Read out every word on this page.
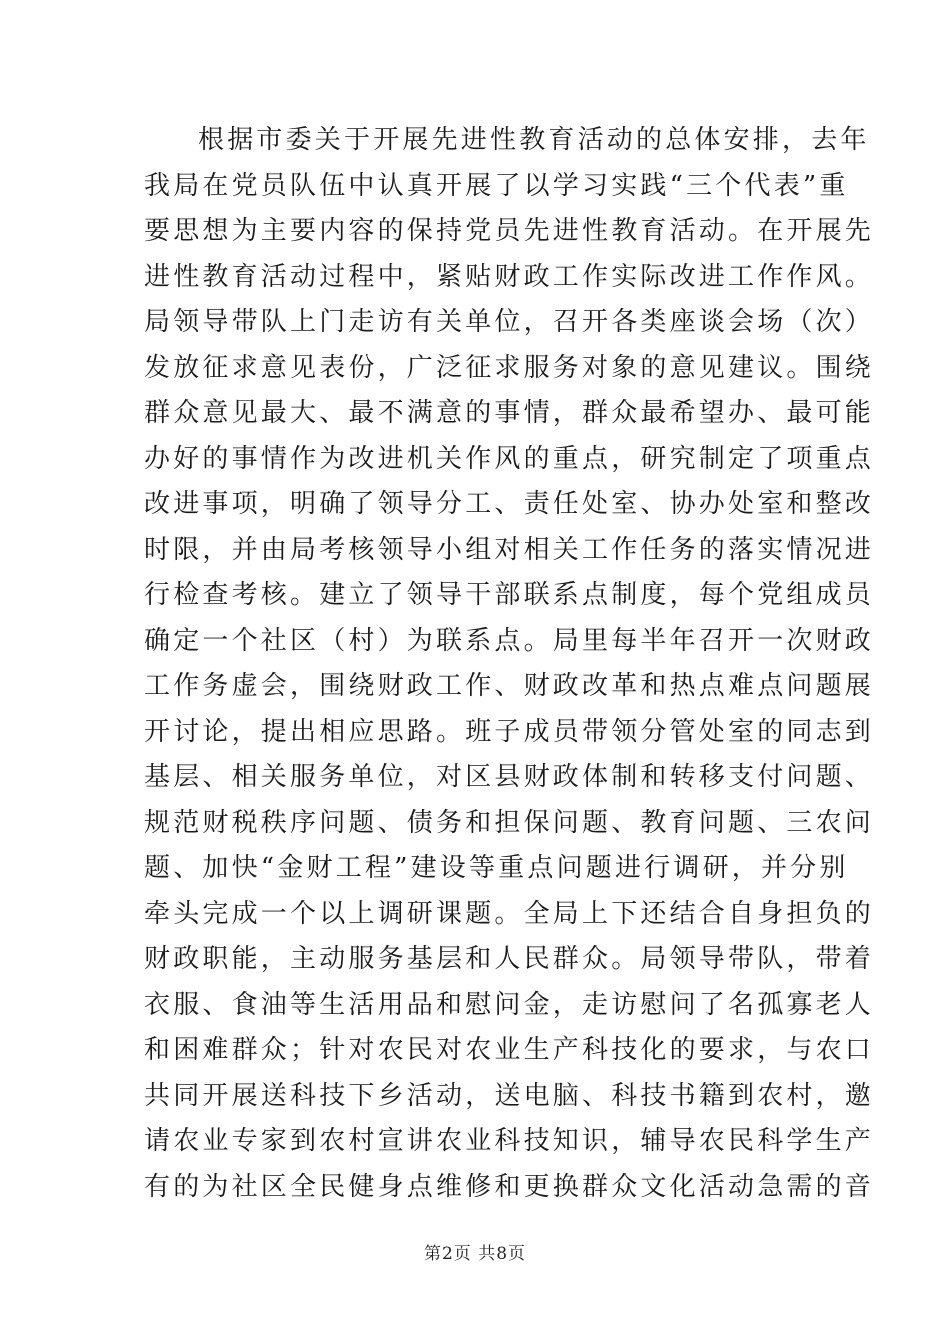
根据市委关于开展先进性教育活动的总体安排，去年
我局在党员队伍中认真开展了以学习实践“三个代表”重
要思想为主要内容的保持党员先进性教育活动。在开展先
进性教育活动过程中，紧贴财政工作实际改进工作作风。
局领导带队上门走访有关单位，召开各类座谈会场（次）
发放征求意见表份，广泛征求服务对象的意见建议。围绕
群众意见最大、最不满意的事情，群众最希望办、最可能
办好的事情作为改进机关作风的重点，研究制定了项重点
改进事项，明确了领导分工、责任处室、协办处室和整改
时限，并由局考核领导小组对相关工作任务的落实情况进
行检查考核。建立了领导干部联系点制度，每个党组成员
确定一个社区（村）为联系点。局里每半年召开一次财政
工作务虚会，围绕财政工作、财政改革和热点难点问题展
开讨论，提出相应思路。班子成员带领分管处室的同志到
基层、相关服务单位，对区县财政体制和转移支付问题、
规范财税秩序问题、债务和担保问题、教育问题、三农问
题、加快“金财工程”建设等重点问题进行调研，并分别
牵头完成一个以上调研课题。全局上下还结合自身担负的
财政职能，主动服务基层和人民群众。局领导带队，带着
衣服、食油等生活用品和慰问金，走访慰问了名孤寡老人
和困难群众；针对农民对农业生产科技化的要求，与农口
共同开展送科技下乡活动，送电脑、科技书籍到农村，邀
请农业专家到农村宣讲农业科技知识，辅导农民科学生产
有的为社区全民健身点维修和更换群众文化活动急需的音
第2页 共8页
